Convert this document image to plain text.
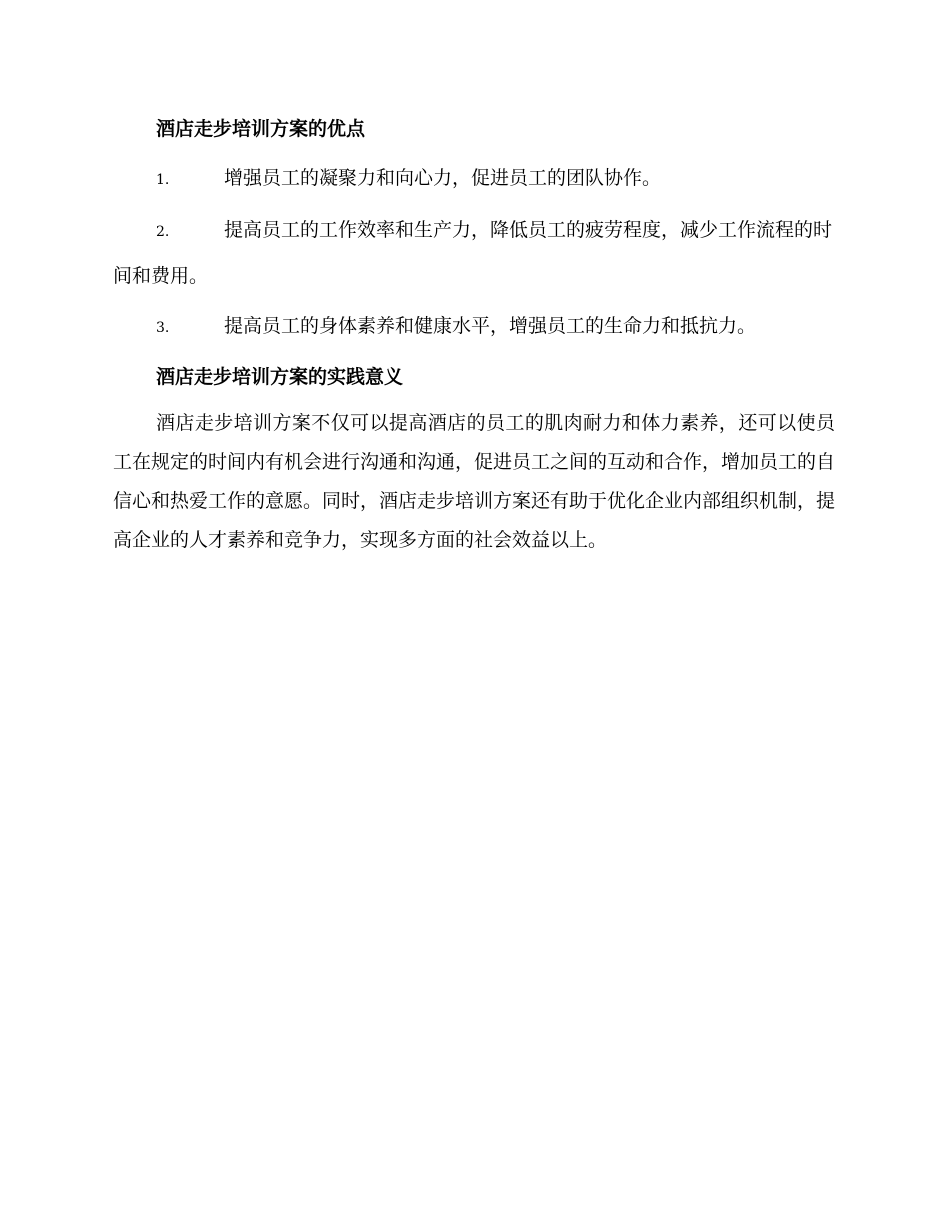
酒店走步培训方案的优点

1.	增强员工的凝聚力和向心力，促进员工的团队协作。
2.	提高员工的工作效率和生产力，降低员工的疲劳程度，减少工作流程的时间和费用。
3.	提高员工的身体素养和健康水平，增强员工的生命力和抵抗力。

酒店走步培训方案的实践意义

酒店走步培训方案不仅可以提高酒店的员工的肌肉耐力和体力素养，还可以使员工在规定的时间内有机会进行沟通和沟通，促进员工之间的互动和合作，增加员工的自信心和热爱工作的意愿。同时，酒店走步培训方案还有助于优化企业内部组织机制，提高企业的人才素养和竞争力，实现多方面的社会效益以上。
